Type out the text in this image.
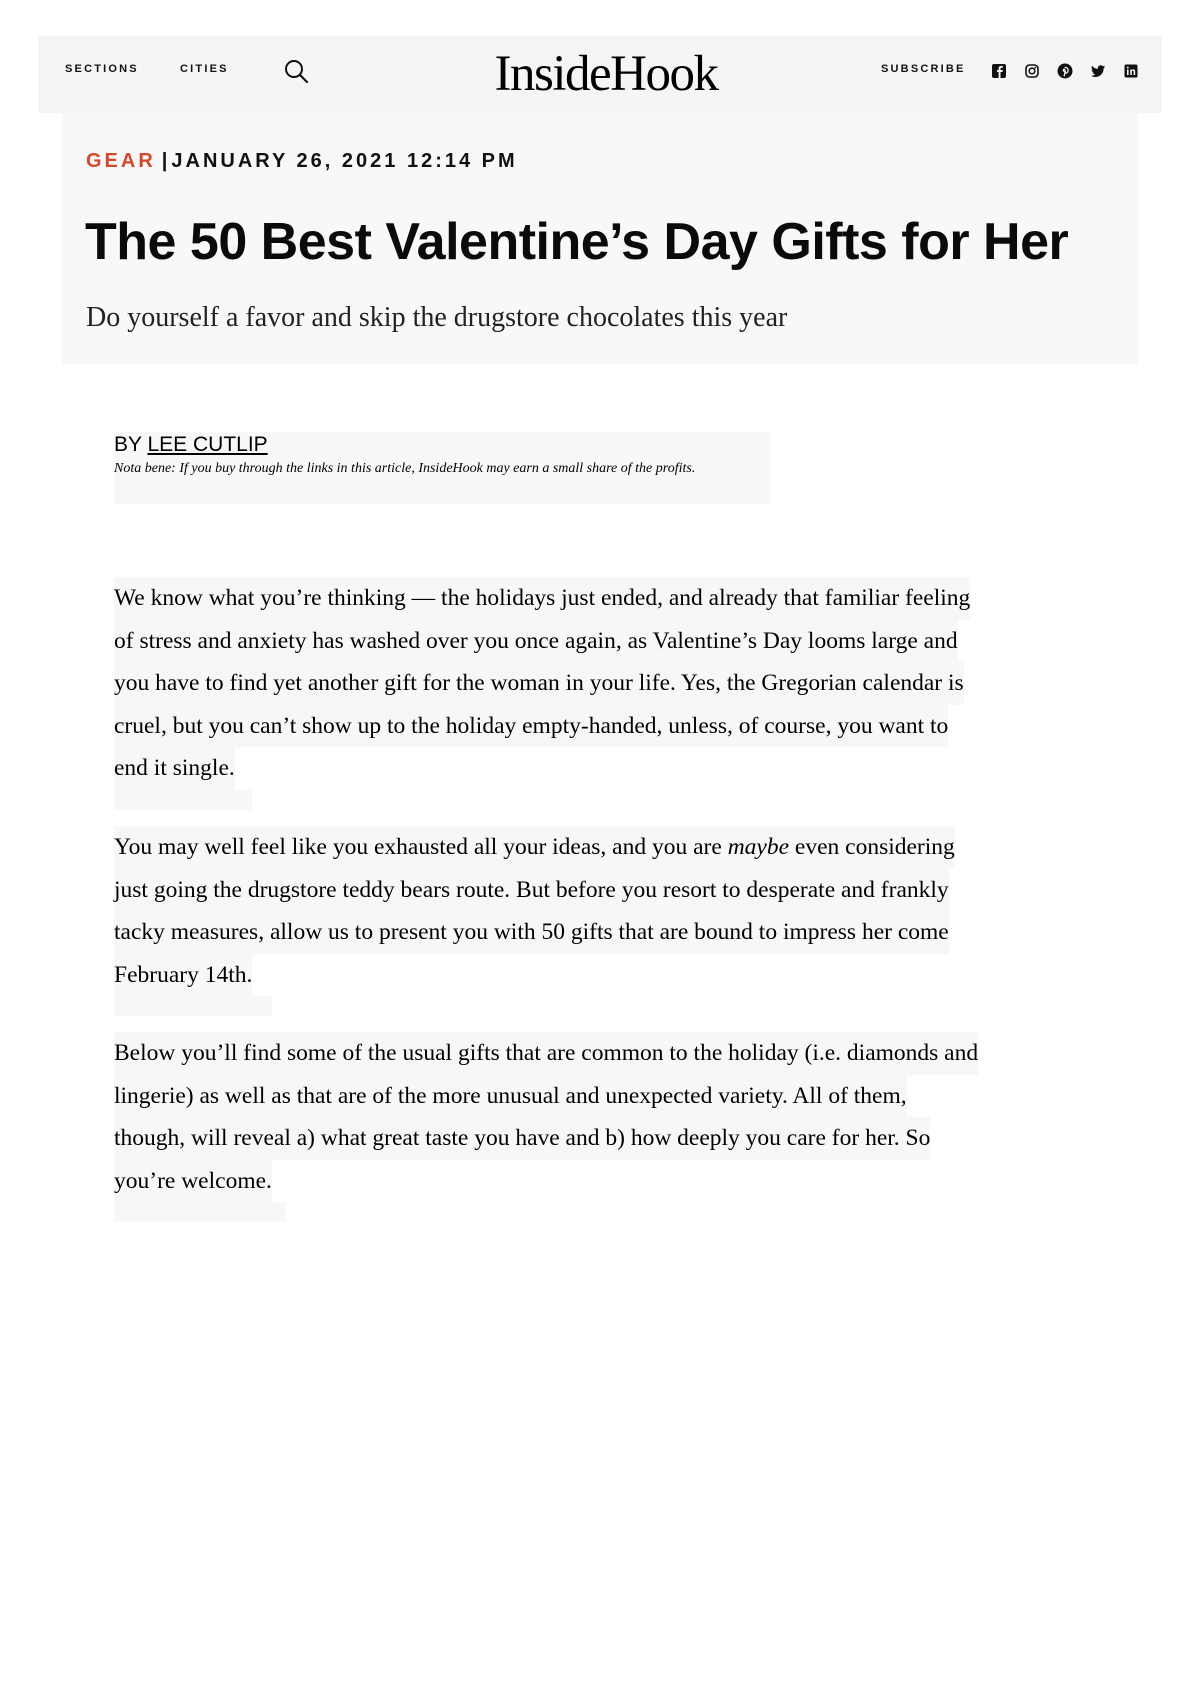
SECTIONS	CITIES	InsideHook	SUBSCRIBE
GEAR | JANUARY 26, 2021 12:14 PM
The 50 Best Valentine’s Day Gifts for Her

Do yourself a favor and skip the drugstore chocolates this year

BY LEE CUTLIP
Nota bene: If you buy through the links in this article, InsideHook may earn a small share of the profits.
We know what you’re thinking — the holidays just ended, and already that familiar feeling
of stress and anxiety has washed over you once again, as Valentine’s Day looms large and
you have to find yet another gift for the woman in your life. Yes, the Gregorian calendar is
cruel, but you can’t show up to the holiday empty-handed, unless, of course, you want to
end it single.
You may well feel like you exhausted all your ideas, and you are maybe even considering
just going the drugstore teddy bears route. But before you resort to desperate and frankly
tacky measures, allow us to present you with 50 gifts that are bound to impress her come
February 14th.
Below you’ll find some of the usual gifts that are common to the holiday (i.e. diamonds and
lingerie) as well as that are of the more unusual and unexpected variety. All of them,
though, will reveal a) what great taste you have and b) how deeply you care for her. So
you’re welcome.
